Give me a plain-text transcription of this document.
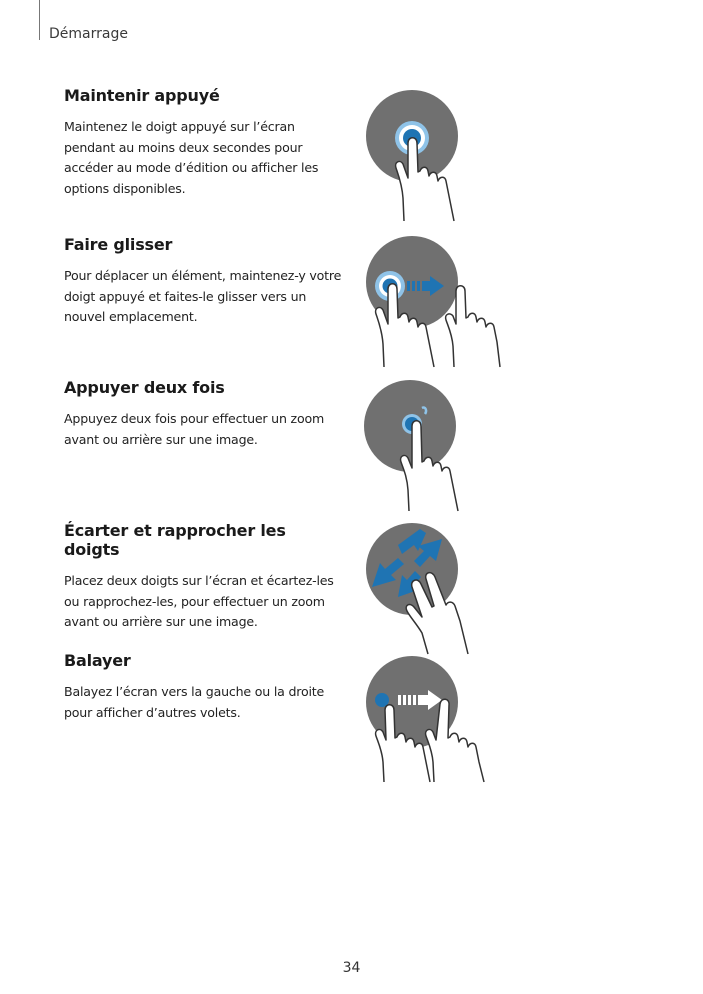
Démarrage
Maintenir appuyé

Maintenez le doigt appuyé sur l’écran pendant au moins deux secondes pour accéder au mode d’édition ou afficher les options disponibles.

Faire glisser

Pour déplacer un élément, maintenez-y votre doigt appuyé et faites-le glisser vers un nouvel emplacement.

Appuyer deux fois

Appuyez deux fois pour effectuer un zoom avant ou arrière sur une image.

Écarter et rapprocher les doigts

Placez deux doigts sur l’écran et écartez-les ou rapprochez-les, pour effectuer un zoom avant ou arrière sur une image.

Balayer

Balayez l’écran vers la gauche ou la droite pour afficher d’autres volets.

34
